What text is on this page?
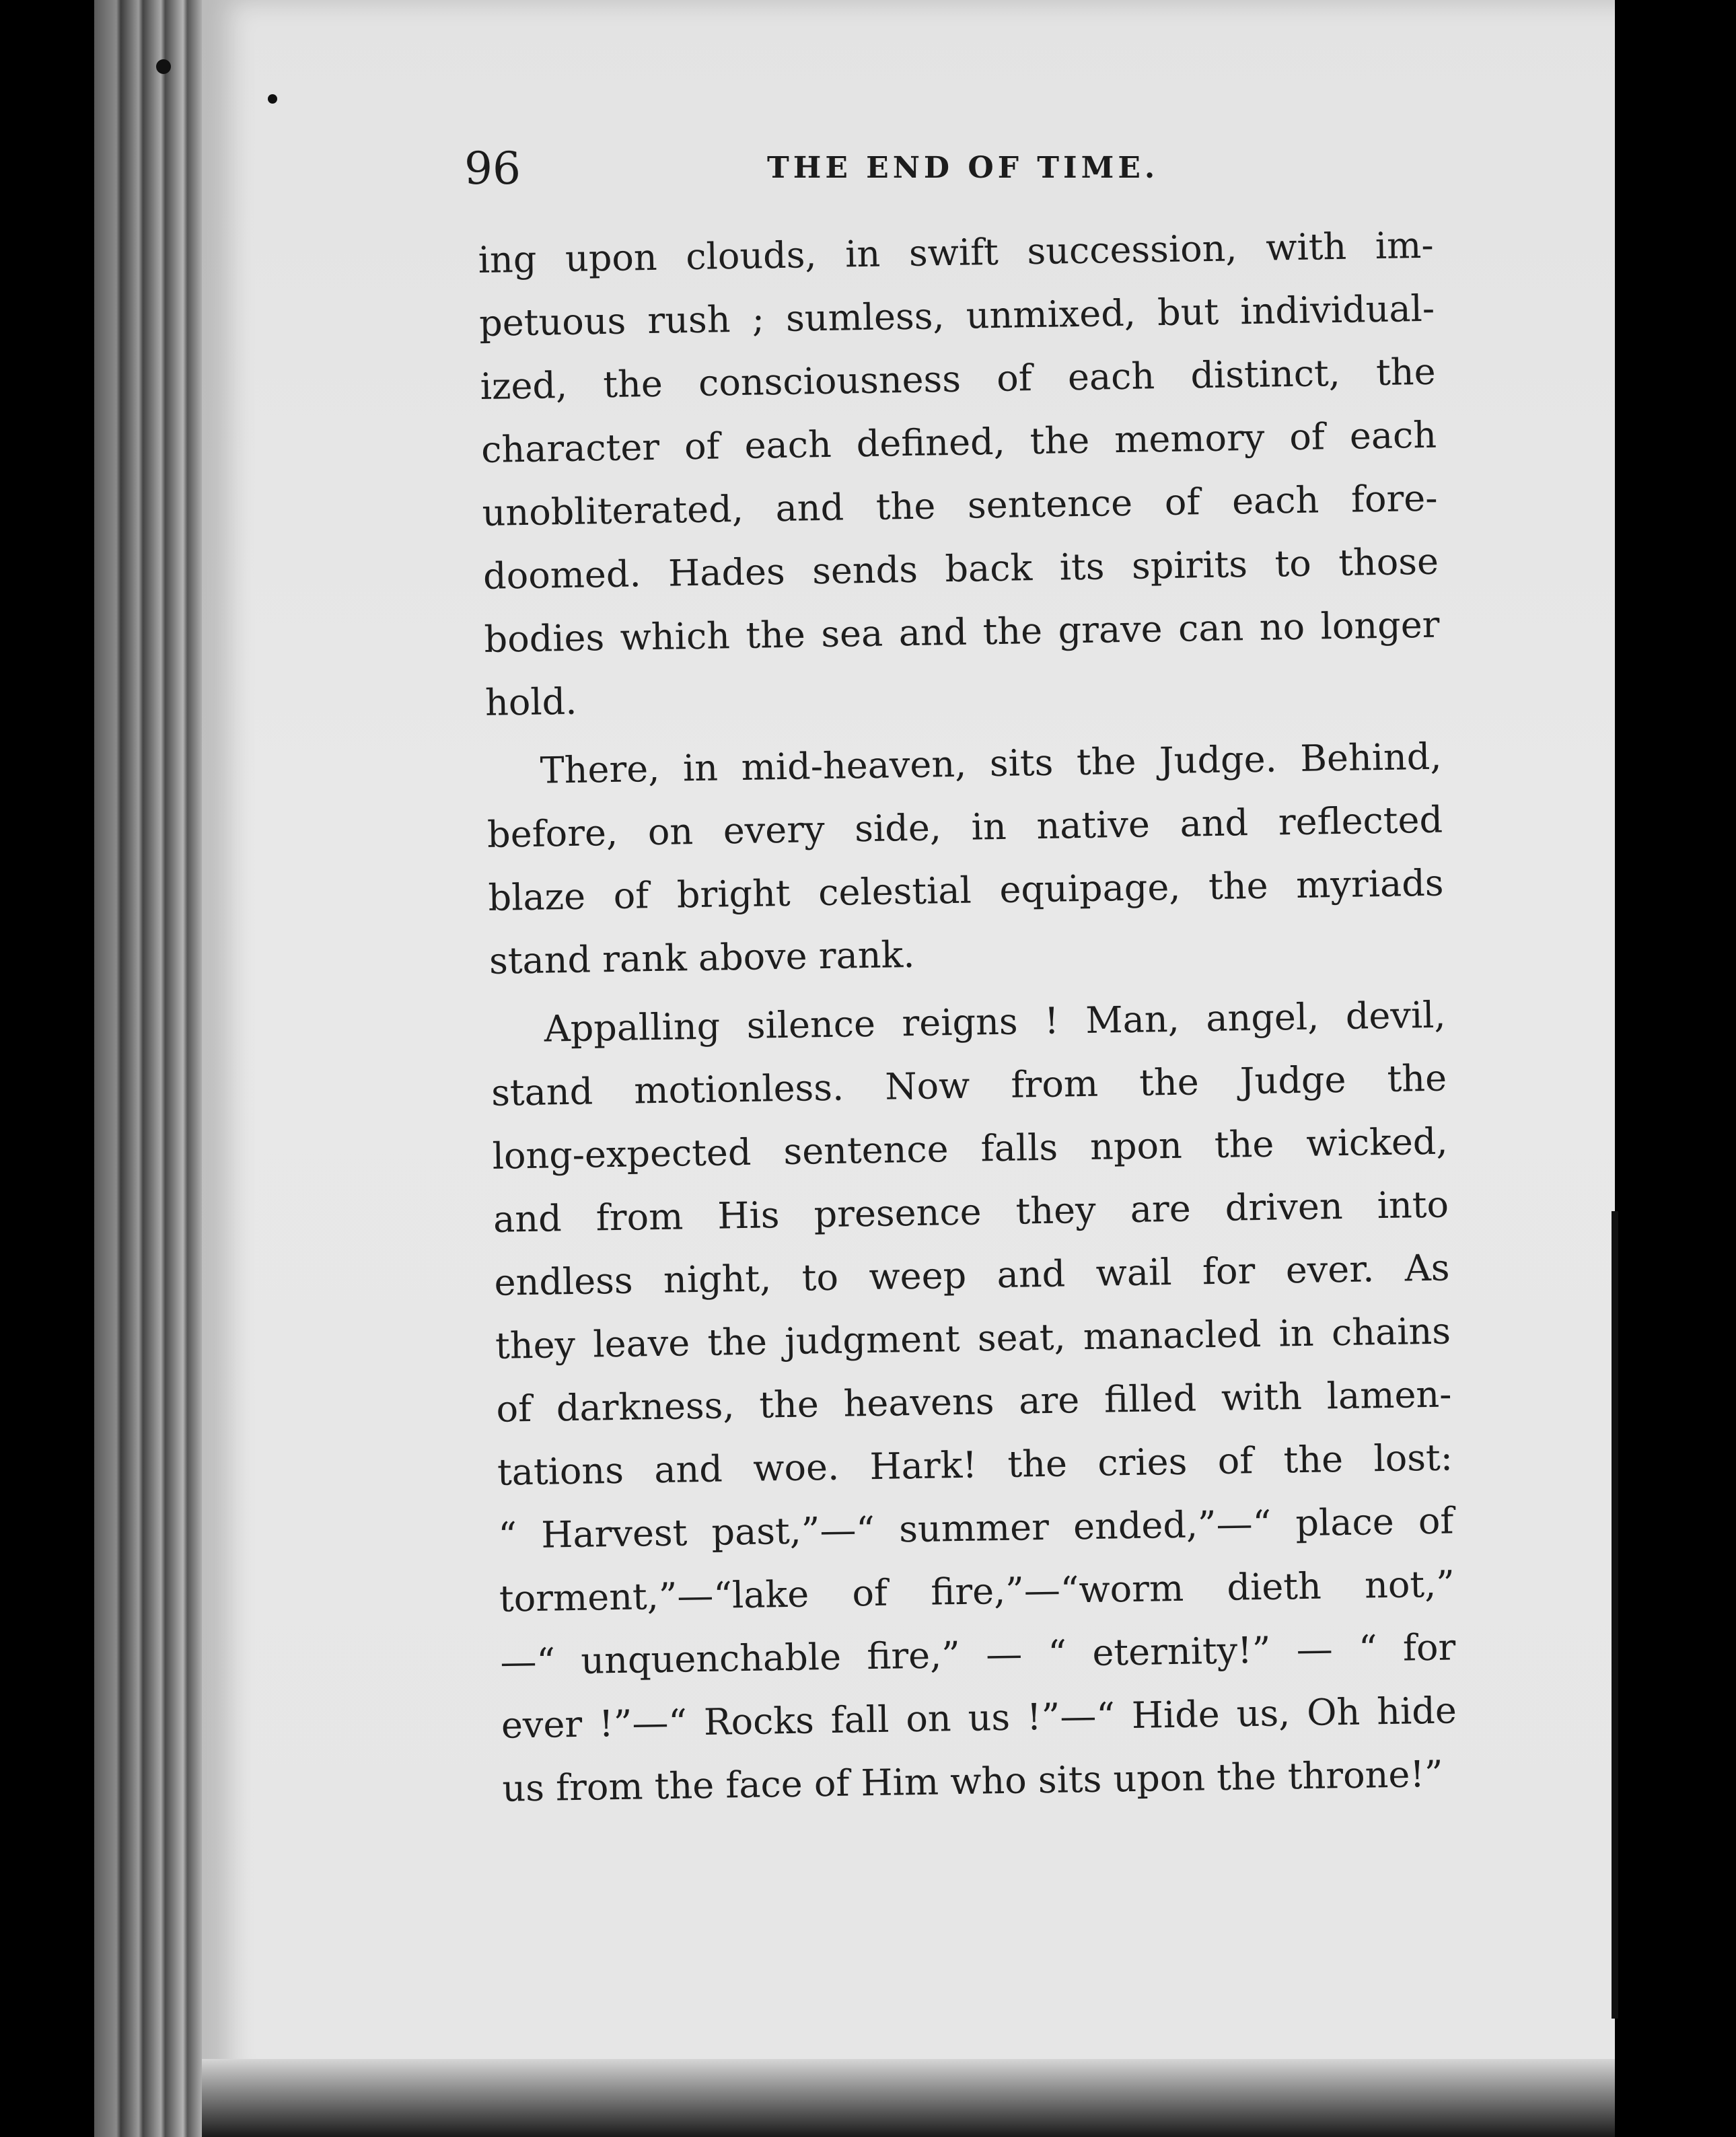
96	THE END OF TIME.
ing upon clouds, in swift succession, with im-
petuous rush ; sumless, unmixed, but individual-
ized, the consciousness of each distinct, the
character of each defined, the memory of each
unobliterated, and the sentence of each fore-
doomed. Hades sends back its spirits to those
bodies which the sea and the grave can no longer
hold.
There, in mid-heaven, sits the Judge. Behind,
before, on every side, in native and reflected
blaze of bright celestial equipage, the myriads
stand rank above rank.
Appalling silence reigns ! Man, angel, devil,
stand motionless. Now from the Judge the
long-expected sentence falls npon the wicked,
and from His presence they are driven into
endless night, to weep and wail for ever. As
they leave the judgment seat, manacled in chains
of darkness, the heavens are filled with lamen-
tations and woe. Hark! the cries of the lost:
“ Harvest past,”—“ summer ended,”—“ place of
torment,”—“lake of fire,”—“worm dieth not,”
—“ unquenchable fire,” — “ eternity!” — “ for
ever !”—“ Rocks fall on us !”—“ Hide us, Oh hide
us from the face of Him who sits upon the throne!”
